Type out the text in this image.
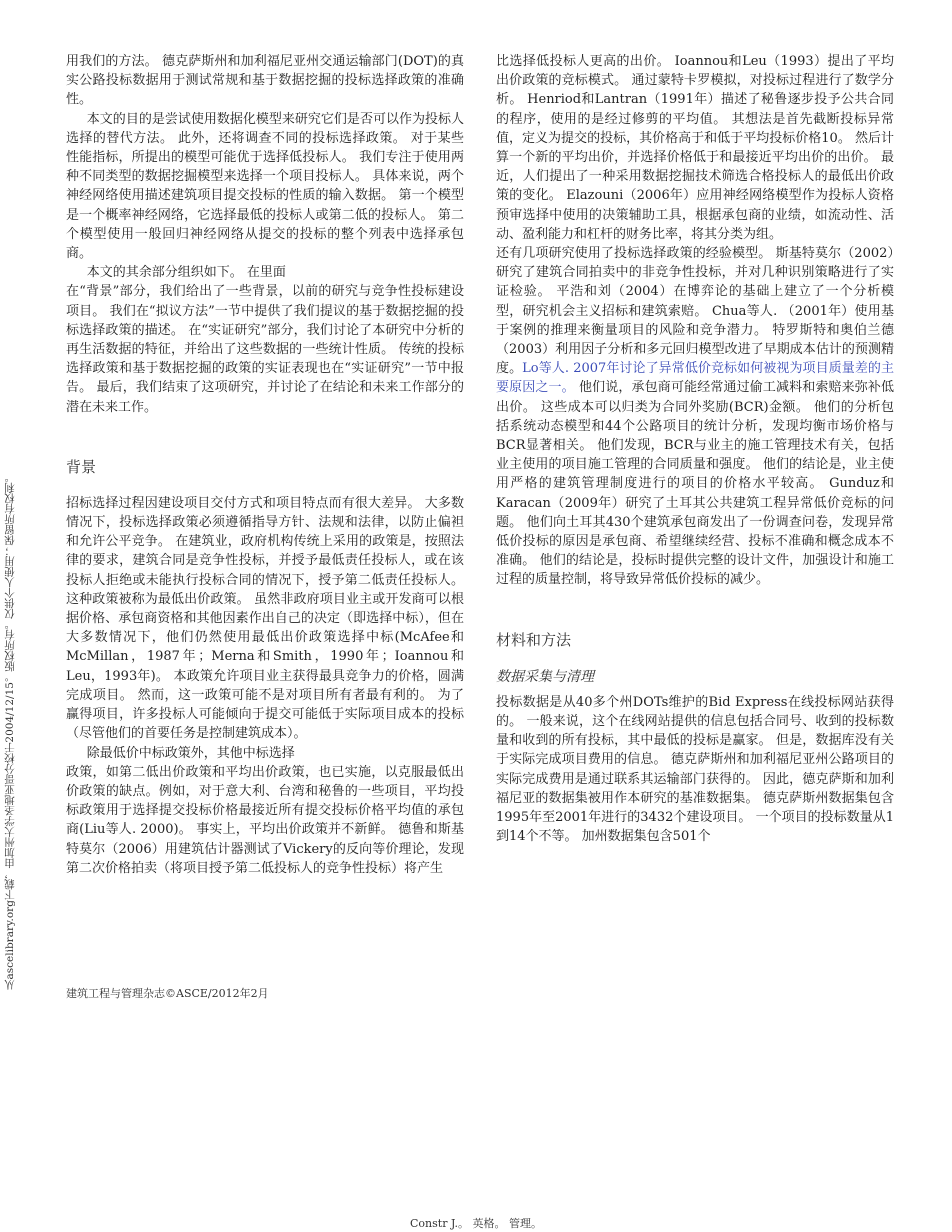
从ascelibrary.org下载，由加州大学圣地亚哥分校于2004/12/15。版权所有。仅供个人使用；保留所有权利。

用我们的方法。 德克萨斯州和加利福尼亚州交通运输部门(DOT)的真实公路投标数据用于测试常规和基于数据挖掘的投标选择政策的准确性。

本文的目的是尝试使用数据化模型来研究它们是否可以作为投标人选择的替代方法。 此外，还将调查不同的投标选择政策。 对于某些性能指标，所提出的模型可能优于选择低投标人。 我们专注于使用两种不同类型的数据挖掘模型来选择一个项目投标人。 具体来说，两个神经网络使用描述建筑项目提交投标的性质的输入数据。 第一个模型是一个概率神经网络，它选择最低的投标人或第二低的投标人。 第二个模型使用一般回归神经网络从提交的投标的整个列表中选择承包商。

本文的其余部分组织如下。 在里面

在“背景”部分，我们给出了一些背景，以前的研究与竞争性投标建设项目。 我们在“拟议方法”一节中提供了我们提议的基于数据挖掘的投标选择政策的描述。 在“实证研究”部分，我们讨论了本研究中分析的再生活数据的特征，并给出了这些数据的一些统计性质。 传统的投标选择政策和基于数据挖掘的政策的实证表现也在“实证研究”一节中报告。 最后，我们结束了这项研究，并讨论了在结论和未来工作部分的潜在未来工作。

背景

招标选择过程因建设项目交付方式和项目特点而有很大差异。 大多数情况下，投标选择政策必须遵循指导方针、法规和法律，以防止偏袒和允许公平竞争。 在建筑业，政府机构传统上采用的政策是，按照法律的要求，建筑合同是竞争性投标，并授予最低责任投标人，或在该投标人拒绝或未能执行投标合同的情况下，授予第二低责任投标人。 这种政策被称为最低出价政策。 虽然非政府项目业主或开发商可以根据价格、承包商资格和其他因素作出自己的决定（即选择中标），但在大多数情况下，他们仍然使用最低出价政策选择中标(McAfee和McMillan，1987年；Merna和Smith，1990年；Ioannou和Leu，1993年)。 本政策允许项目业主获得最具竞争力的价格，圆满完成项目。 然而，这一政策可能不是对项目所有者最有利的。 为了赢得项目，许多投标人可能倾向于提交可能低于实际项目成本的投标（尽管他们的首要任务是控制建筑成本）。

除最低价中标政策外，其他中标选择

政策，如第二低出价政策和平均出价政策，也已实施，以克服最低出价政策的缺点。例如，对于意大利、台湾和秘鲁的一些项目，平均投标政策用于选择提交投标价格最接近所有提交投标价格平均值的承包商(Liu等人. 2000)。 事实上，平均出价政策并不新鲜。 德鲁和斯基特莫尔（2006）用建筑估计器测试了Vickery的反向等价理论，发现第二次价格拍卖（将项目授予第二低投标人的竞争性投标）将产生

比选择低投标人更高的出价。 Ioannou和Leu（1993）提出了平均出价政策的竞标模式。 通过蒙特卡罗模拟，对投标过程进行了数学分析。 Henriod和Lantran（1991年）描述了秘鲁逐步投予公共合同的程序，使用的是经过修剪的平均值。 其想法是首先截断投标异常值，定义为提交的投标，其价格高于和低于平均投标价格10。 然后计算一个新的平均出价，并选择价格低于和最接近平均出价的出价。 最近，人们提出了一种采用数据挖掘技术筛选合格投标人的最低出价政策的变化。 Elazouni（2006年）应用神经网络模型作为投标人资格预审选择中使用的决策辅助工具，根据承包商的业绩，如流动性、活动、盈利能力和杠杆的财务比率，将其分类为组。

还有几项研究使用了投标选择政策的经验模型。 斯基特莫尔（2002）研究了建筑合同拍卖中的非竞争性投标，并对几种识别策略进行了实证检验。 平浩和刘（2004）在博弈论的基础上建立了一个分析模型，研究机会主义招标和建筑索赔。 Chua等人. （2001年）使用基于案例的推理来衡量项目的风险和竞争潜力。 特罗斯特和奥伯兰德（2003）利用因子分析和多元回归模型改进了早期成本估计的预测精度。Lo等人. 2007年讨论了异常低价竞标如何被视为项目质量差的主要原因之一。 他们说，承包商可能经常通过偷工减料和索赔来弥补低出价。 这些成本可以归类为合同外奖励(BCR)金额。 他们的分析包括系统动态模型和44个公路项目的统计分析，发现均衡市场价格与BCR显著相关。 他们发现，BCR与业主的施工管理技术有关，包括业主使用的项目施工管理的合同质量和强度。 他们的结论是，业主使用严格的建筑管理制度进行的项目的价格水平较高。 Gunduz和Karacan（2009年）研究了土耳其公共建筑工程异常低价竞标的问题。 他们向土耳其430个建筑承包商发出了一份调查问卷，发现异常低价投标的原因是承包商、希望继续经营、投标不准确和概念成本不准确。 他们的结论是，投标时提供完整的设计文件，加强设计和施工过程的质量控制，将导致异常低价投标的减少。

材料和方法
数据采集与清理

投标数据是从40多个州DOTs维护的Bid Express在线投标网站获得的。 一般来说，这个在线网站提供的信息包括合同号、收到的投标数量和收到的所有投标，其中最低的投标是赢家。 但是，数据库没有关于实际完成项目费用的信息。 德克萨斯州和加利福尼亚州公路项目的实际完成费用是通过联系其运输部门获得的。 因此，德克萨斯和加利福尼亚的数据集被用作本研究的基准数据集。 德克萨斯州数据集包含1995年至2001年进行的3432个建设项目。 一个项目的投标数量从1到14个不等。 加州数据集包含501个

建筑工程与管理杂志©ASCE/2012年2月
Constr J.。 英格。 管理。
